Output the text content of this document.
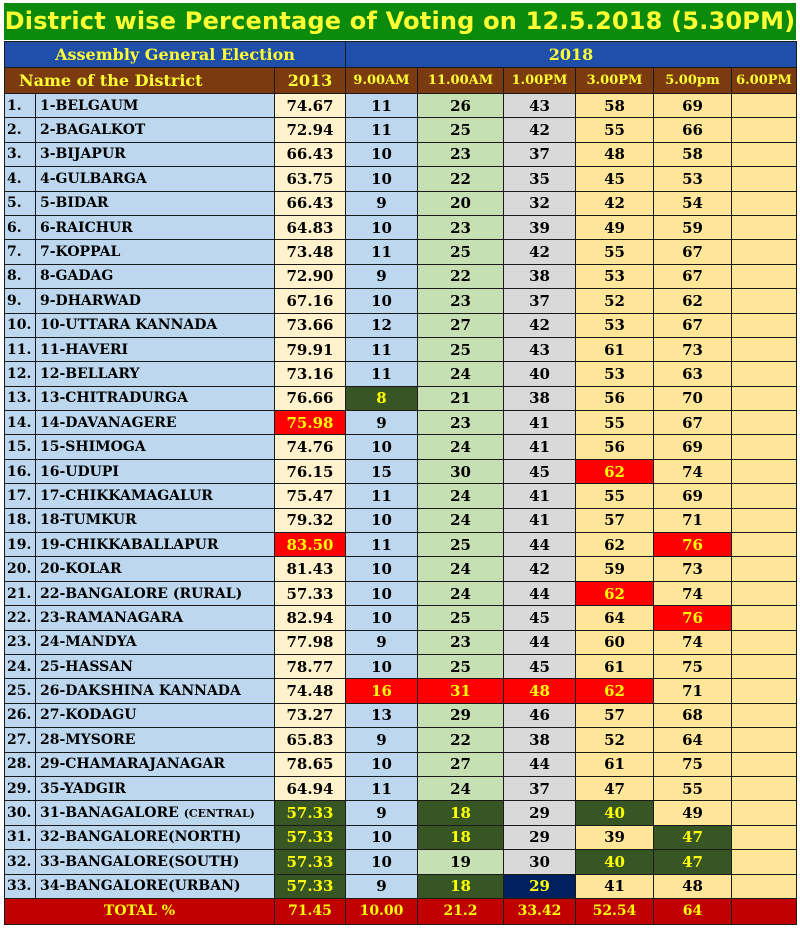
District wise Percentage of Voting on 12.5.2018 (5.30PM)
Assembly General Election			2018					
Name of the District		2013	9.00AM	11.00AM	1.00PM	3.00PM	5.00pm	6.00PM
1.	1-BELGAUM	74.67	11	26	43	58	69	
2.	2-BAGALKOT	72.94	11	25	42	55	66	
3.	3-BIJAPUR	66.43	10	23	37	48	58	
4.	4-GULBARGA	63.75	10	22	35	45	53	
5.	5-BIDAR	66.43	9	20	32	42	54	
6.	6-RAICHUR	64.83	10	23	39	49	59	
7.	7-KOPPAL	73.48	11	25	42	55	67	
8.	8-GADAG	72.90	9	22	38	53	67	
9.	9-DHARWAD	67.16	10	23	37	52	62	
10.	10-UTTARA KANNADA	73.66	12	27	42	53	67	
11.	11-HAVERI	79.91	11	25	43	61	73	
12.	12-BELLARY	73.16	11	24	40	53	63	
13.	13-CHITRADURGA	76.66	8	21	38	56	70	
14.	14-DAVANAGERE	75.98	9	23	41	55	67	
15.	15-SHIMOGA	74.76	10	24	41	56	69	
16.	16-UDUPI	76.15	15	30	45	62	74	
17.	17-CHIKKAMAGALUR	75.47	11	24	41	55	69	
18.	18-TUMKUR	79.32	10	24	41	57	71	
19.	19-CHIKKABALLAPUR	83.50	11	25	44	62	76	
20.	20-KOLAR	81.43	10	24	42	59	73	
21.	22-BANGALORE (RURAL)	57.33	10	24	44	62	74	
22.	23-RAMANAGARA	82.94	10	25	45	64	76	
23.	24-MANDYA	77.98	9	23	44	60	74	
24.	25-HASSAN	78.77	10	25	45	61	75	
25.	26-DAKSHINA KANNADA	74.48	16	31	48	62	71	
26.	27-KODAGU	73.27	13	29	46	57	68	
27.	28-MYSORE	65.83	9	22	38	52	64	
28.	29-CHAMARAJANAGAR	78.65	10	27	44	61	75	
29.	35-YADGIR	64.94	11	24	37	47	55	
30.	31-BANAGALORE (CENTRAL)	57.33	9	18	29	40	49	
31.	32-BANGALORE(NORTH)	57.33	10	18	29	39	47	
32.	33-BANGALORE(SOUTH)	57.33	10	19	30	40	47	
33.	34-BANGALORE(URBAN)	57.33	9	18	29	41	48	
TOTAL %		71.45	10.00	21.2	33.42	52.54	64	
